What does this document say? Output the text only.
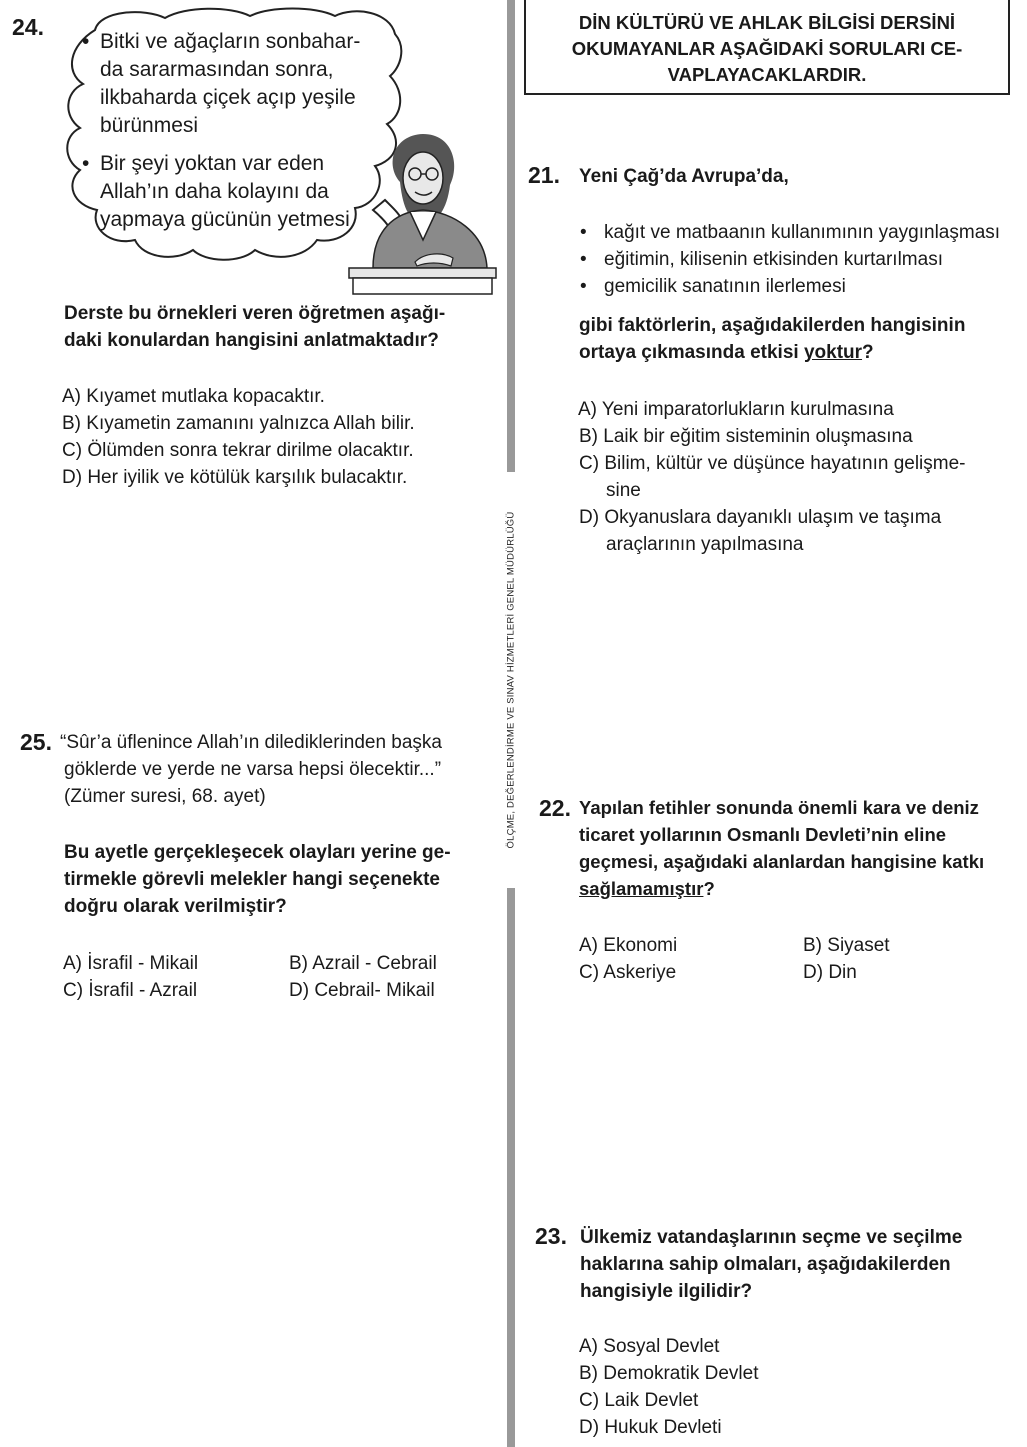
ÖLÇME, DEĞERLENDİRME VE SINAV HİZMETLERİ GENEL MÜDÜRLÜĞÜ
DİN KÜLTÜRÜ VE AHLAK BİLGİSİ DERSİNİ
OKUMAYANLAR AŞAĞIDAKİ SORULARI CE-
VAPLAYACAKLARDIR.
24.
• Bitki ve ağaçların sonbahar-
da sararmasından sonra,
ilkbaharda çiçek açıp yeşile
bürünmesi
• Bir şeyi yoktan var eden
Allah’ın daha kolayını da
yapmaya gücünün yetmesi
Derste bu örnekleri veren öğretmen aşağı-
daki konulardan hangisini anlatmaktadır?
A) Kıyamet mutlaka kopacaktır.
B) Kıyametin zamanını yalnızca Allah bilir.
C) Ölümden sonra tekrar dirilme olacaktır.
D) Her iyilik ve kötülük karşılık bulacaktır.
25. “Sûr’a üflenince Allah’ın dilediklerinden başka
göklerde ve yerde ne varsa hepsi ölecektir...”
(Zümer suresi, 68. ayet)
Bu ayetle gerçekleşecek olayları yerine ge-
tirmekle görevli melekler hangi seçenekte
doğru olarak verilmiştir?
A) İsrafil - Mikail	B) Azrail - Cebrail
C) İsrafil - Azrail	D) Cebrail- Mikail
21. Yeni Çağ’da Avrupa’da,
• kağıt ve matbaanın kullanımının yaygınlaşması
• eğitimin, kilisenin etkisinden kurtarılması
• gemicilik sanatının ilerlemesi
gibi faktörlerin, aşağıdakilerden hangisinin
ortaya çıkmasında etkisi yoktur?
A) Yeni imparatorlukların kurulmasına
B) Laik bir eğitim sisteminin oluşmasına
C) Bilim, kültür ve düşünce hayatının gelişme-
sine
D) Okyanuslara dayanıklı ulaşım ve taşıma
araçlarının yapılmasına
22. Yapılan fetihler sonunda önemli kara ve deniz
ticaret yollarının Osmanlı Devleti’nin eline
geçmesi, aşağıdaki alanlardan hangisine katkı
sağlamamıştır?
A) Ekonomi	B) Siyaset
C) Askeriye	D) Din
23. Ülkemiz vatandaşlarının seçme ve seçilme
haklarına sahip olmaları, aşağıdakilerden
hangisiyle ilgilidir?
A) Sosyal Devlet
B) Demokratik Devlet
C) Laik Devlet
D) Hukuk Devleti
